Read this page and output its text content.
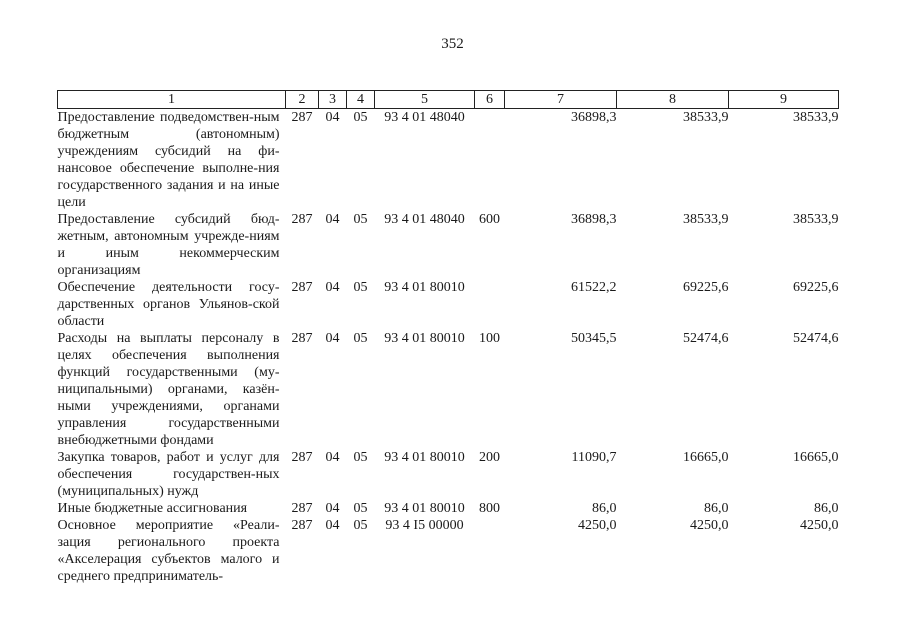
352
1	2	3	4	5	6	7	8	9
Предоставление подведомствен-ным бюджетным (автономным) учреждениям субсидий на фи-нансовое обеспечение выполне-ния государственного задания и на иные цели	287	04	05	93 4 01 48040		36898,3	38533,9	38533,9
Предоставление субсидий бюд-жетным, автономным учрежде-ниям и иным некоммерческим организациям	287	04	05	93 4 01 48040	600	36898,3	38533,9	38533,9
Обеспечение деятельности госу-дарственных органов Ульянов-ской области	287	04	05	93 4 01 80010		61522,2	69225,6	69225,6
Расходы на выплаты персоналу в целях обеспечения выполнения функций государственными (му-ниципальными) органами, казён-ными учреждениями, органами управления государственными внебюджетными фондами	287	04	05	93 4 01 80010	100	50345,5	52474,6	52474,6
Закупка товаров, работ и услуг для обеспечения государствен-ных (муниципальных) нужд	287	04	05	93 4 01 80010	200	11090,7	16665,0	16665,0
Иные бюджетные ассигнования	287	04	05	93 4 01 80010	800	86,0	86,0	86,0
Основное мероприятие «Реали-зация регионального проекта «Акселерация субъектов малого и среднего предприниматель-	287	04	05	93 4 I5 00000		4250,0	4250,0	4250,0
